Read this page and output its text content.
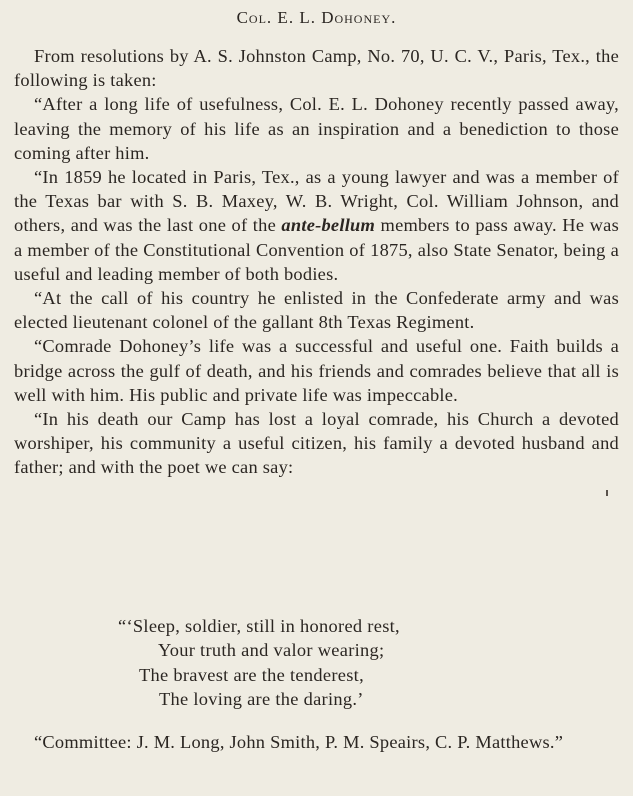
Col. E. L. Dohoney.

From resolutions by A. S. Johnston Camp, No. 70, U. C. V., Paris, Tex., the following is taken:

“After a long life of usefulness, Col. E. L. Dohoney recently passed away, leaving the memory of his life as an inspiration and a benediction to those coming after him.

“In 1859 he located in Paris, Tex., as a young lawyer and was a member of the Texas bar with S. B. Maxey, W. B. Wright, Col. William Johnson, and others, and was the last one of the ante-bellum members to pass away. He was a member of the Constitutional Convention of 1875, also State Senator, being a useful and leading member of both bodies.

“At the call of his country he enlisted in the Confederate army and was elected lieutenant colonel of the gallant 8th Texas Regiment.

“Comrade Dohoney’s life was a successful and useful one. Faith builds a bridge across the gulf of death, and his friends and comrades believe that all is well with him. His public and private life was impeccable.

“In his death our Camp has lost a loyal comrade, his Church a devoted worshiper, his community a useful citizen, his family a devoted husband and father; and with the poet we can say:

“‘Sleep, soldier, still in honored rest,
Your truth and valor wearing;
The bravest are the tenderest,
The loving are the daring.’
“Committee: J. M. Long, John Smith, P. M. Speairs, C. P. Matthews.”
